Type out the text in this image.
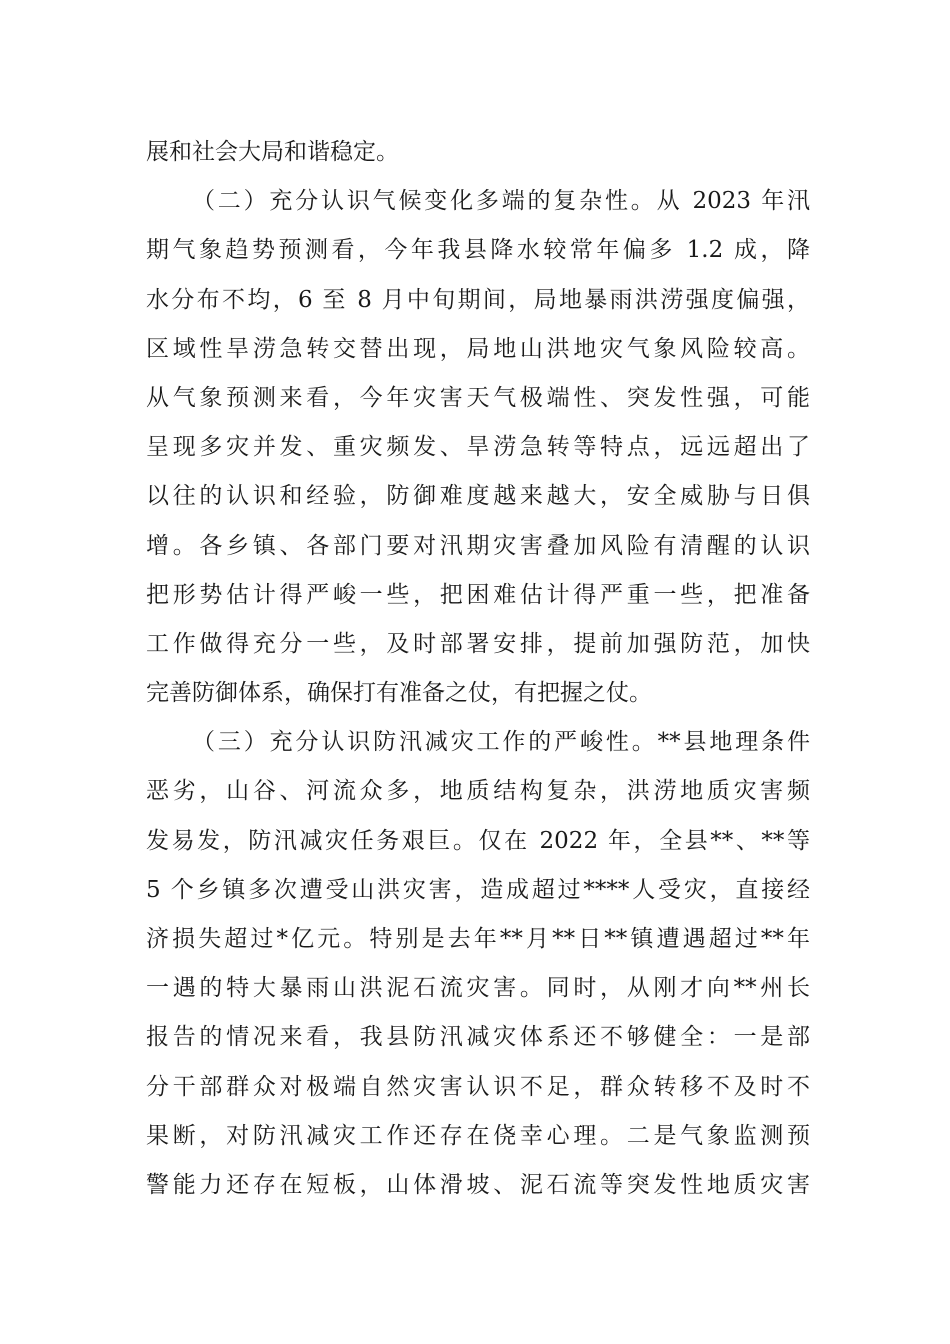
展和社会大局和谐稳定。
（二）充分认识气候变化多端的复杂性。从 2023 年汛
期气象趋势预测看，今年我县降水较常年偏多 1.2 成，降
水分布不均，6 至 8 月中旬期间，局地暴雨洪涝强度偏强，
区域性旱涝急转交替出现，局地山洪地灾气象风险较高。
从气象预测来看，今年灾害天气极端性、突发性强，可能
呈现多灾并发、重灾频发、旱涝急转等特点，远远超出了
以往的认识和经验，防御难度越来越大，安全威胁与日俱
增。各乡镇、各部门要对汛期灾害叠加风险有清醒的认识
把形势估计得严峻一些，把困难估计得严重一些，把准备
工作做得充分一些，及时部署安排，提前加强防范，加快
完善防御体系，确保打有准备之仗，有把握之仗。
（三）充分认识防汛减灾工作的严峻性。**县地理条件
恶劣，山谷、河流众多，地质结构复杂，洪涝地质灾害频
发易发，防汛减灾任务艰巨。仅在 2022 年，全县**、**等
5 个乡镇多次遭受山洪灾害，造成超过****人受灾，直接经
济损失超过*亿元。特别是去年**月**日**镇遭遇超过**年
一遇的特大暴雨山洪泥石流灾害。同时，从刚才向**州长
报告的情况来看，我县防汛减灾体系还不够健全：一是部
分干部群众对极端自然灾害认识不足，群众转移不及时不
果断，对防汛减灾工作还存在侥幸心理。二是气象监测预
警能力还存在短板，山体滑坡、泥石流等突发性地质灾害
